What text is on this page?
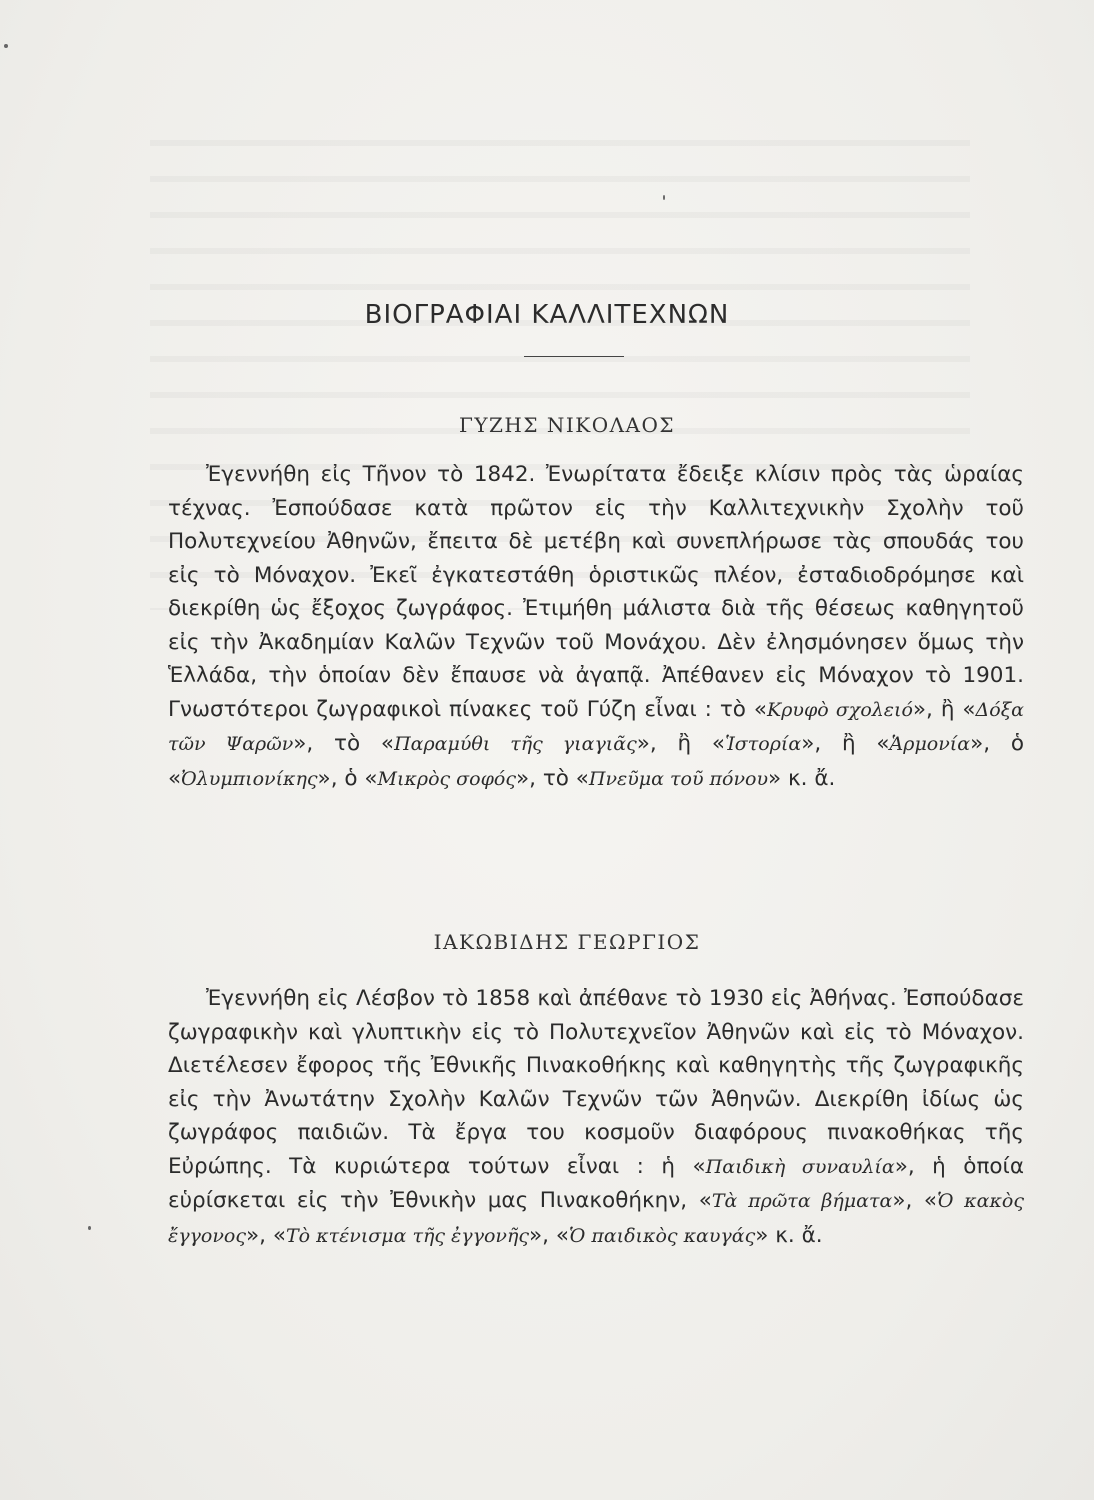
ΒΙΟΓΡΑΦΙΑΙ ΚΑΛΛΙΤΕΧΝΩΝ
ΓΥΖΗΣ ΝΙΚΟΛΑΟΣ

Ἐγεννήθη εἰς Τῆνον τὸ 1842. Ἐνωρίτατα ἔδειξε κλίσιν πρὸς τὰς ὡραίας τέχνας. Ἐσπούδασε κατὰ πρῶτον εἰς τὴν Καλλιτεχνικὴν Σχολὴν τοῦ Πολυτεχνείου Ἀθηνῶν, ἔπειτα δὲ μετέβη καὶ συνεπλήρωσε τὰς σπουδάς του εἰς τὸ Μόναχον. Ἐκεῖ ἐγκατεστάθη ὁριστικῶς πλέον, ἐσταδιοδρόμησε καὶ διεκρίθη ὡς ἔξοχος ζωγράφος. Ἐτιμήθη μάλιστα διὰ τῆς θέσεως καθηγητοῦ εἰς τὴν Ἀκαδημίαν Καλῶν Τεχνῶν τοῦ Μονάχου. Δὲν ἐλησμόνησεν ὅμως τὴν Ἑλλάδα, τὴν ὁποίαν δὲν ἔπαυσε νὰ ἀγαπᾷ. Ἀπέθανεν εἰς Μόναχον τὸ 1901. Γνωστότεροι ζωγραφικοὶ πίνακες τοῦ Γύζη εἶναι : τὸ «Κρυφὸ σχολειό», ἢ «Δόξα τῶν Ψαρῶν», τὸ «Παραμύθι τῆς γιαγιᾶς», ἢ «Ἱστορία», ἢ «Ἁρμονία», ὁ «Ὀλυμπιονίκης», ὁ «Μικρὸς σοφός», τὸ «Πνεῦμα τοῦ πόνου» κ. ἄ.

ΙΑΚΩΒΙΔΗΣ ΓΕΩΡΓΙΟΣ

Ἐγεννήθη εἰς Λέσβον τὸ 1858 καὶ ἀπέθανε τὸ 1930 εἰς Ἀθήνας. Ἐσπούδασε ζωγραφικὴν καὶ γλυπτικὴν εἰς τὸ Πολυτεχνεῖον Ἀθηνῶν καὶ εἰς τὸ Μόναχον. Διετέλεσεν ἔφορος τῆς Ἐθνικῆς Πινακοθήκης καὶ καθηγητὴς τῆς ζωγραφικῆς εἰς τὴν Ἀνωτάτην Σχολὴν Καλῶν Τεχνῶν τῶν Ἀθηνῶν. Διεκρίθη ἰδίως ὡς ζωγράφος παιδιῶν. Τὰ ἔργα του κοσμοῦν διαφόρους πινακοθήκας τῆς Εὐρώπης. Τὰ κυριώτερα τούτων εἶναι : ἡ «Παιδικὴ συναυλία», ἡ ὁποία εὑρίσκεται εἰς τὴν Ἐθνικὴν μας Πινακοθήκην, «Τὰ πρῶτα βήματα», «Ὁ κακὸς ἔγγονος», «Τὸ κτένισμα τῆς ἐγγονῆς», «Ὁ παιδικὸς καυγάς» κ. ἄ.
